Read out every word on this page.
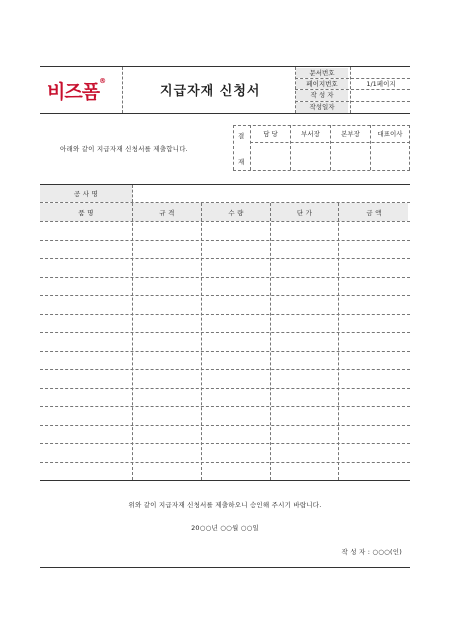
비즈폼®
지급자재 신청서
문서번호
페이지번호	1/1페이지
작 성 자
작성일자
아래와 같이 지급자재 신청서를 제출합니다.
결
재
담 당	부서장	본부장	대표이사
공 사 명
품 명	규 격	수 량	단 가	금 액
위와 같이 지급자재 신청서를 제출하오니 승인해 주시기 바랍니다.
20○○년 ○○월 ○○일
작 성 자 : ○○○(인)
